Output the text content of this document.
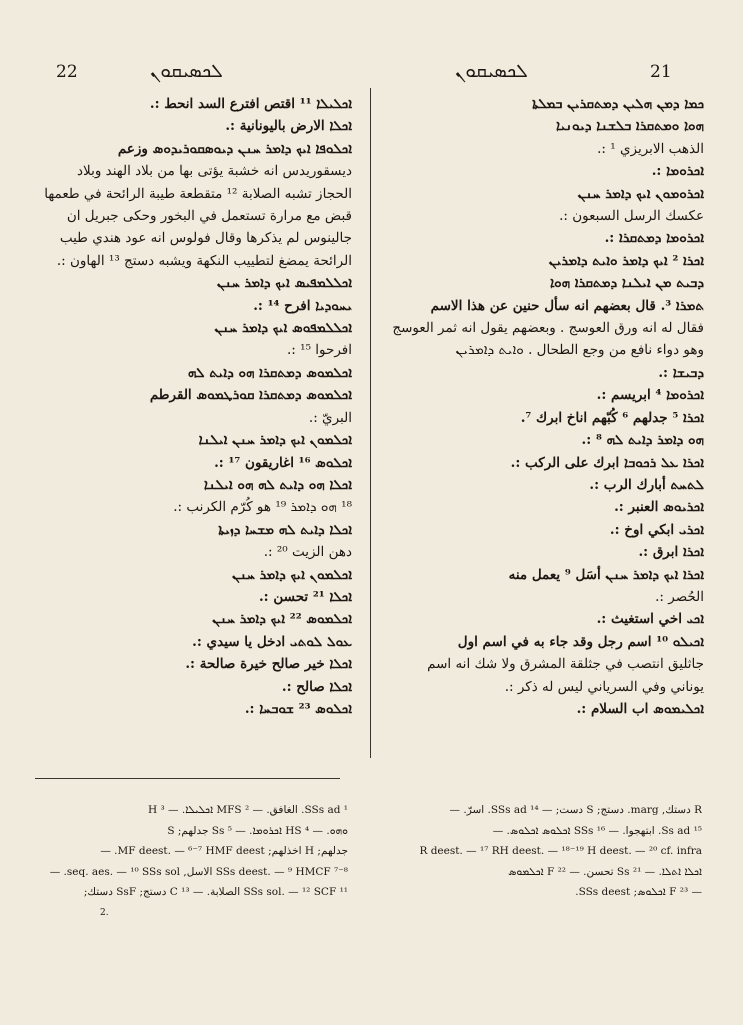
22	ܠܟܣܝܩܘܢ	ܠܟܣܝܩܘܢ	21

ܐܟܠܝܠܐ ¹¹ اقتص افترع السد انحط :.

ܐܟܠܐ الارض باليونانية :.

ܐܟܠܘܦܐ ܐܝܟ ܕܐܡܪ ܚܢܢ ܕܝܘܣܩܘܪܝܕܘܣ وزعم

ديسقوريدس انه خشبة يؤتى بها من بلاد الهند وبلاد

الحجاز تشبه الصلابة ¹² متقطعة طيبة الرائحة في طعمها

قبض مع مرارة تستعمل في البخور وحكى جبريل ان

جالينوس لم يذكرها وقال فولوس انه عود هندي طيب

الرائحة يمضغ لتطييب النكهة ويشبه دستج ¹³ الهاون :.

ܐܟܠܠܡܦܝܣ ܐܝܟ ܕܐܡܪ ܚܢܢ

ܝܚܘܕܝܐ افرح ¹⁴ :.

ܐܟܠܠܡܦܘܣ ܐܝܟ ܕܐܡܪ ܚܢܢ

افرحوا ¹⁵ :.

ܐܟܠܡܘܣ ܕܡܬܩܪܐ ܗܘ ܕܐܝܬ ܠܗ

ܐܟܠܡܘܣ ܕܡܬܩܪܐ ܩܘܪܛܡܘܣ القرطم

البريّ :.

ܐܟܠܡܘܢ ܐܝܟ ܕܐܡܪ ܚܢܢ ܐܝܠܢܐ

ܐܟܠܘܣ ¹⁶ اغاريقون ¹⁷ :.

ܐܟܠܐ ܗܘ ܕܐܝܬ ܠܗ ܗܘ ܐܝܠܢܐ

¹⁸ ܗܘ ܕܐܡܪ ¹⁹ هو كُرّم الكرنب :.

ܐܟܠܐ ܕܐܝܬ ܠܗ ܡܫܚܐ ܕܙܝܬܐ

دهن الزيت ²⁰ :.

ܐܟܠܡܘܢ ܐܝܟ ܕܐܡܪ ܚܢܢ

ܐܟܠܐ ²¹ تحسن :.

ܐܟܠܡܘܣ ²² ܐܝܟ ܕܐܡܪ ܚܢܢ

ܥܘܠ ܠܘܬܝ ادخل يا سيدي :.

ܐܟܠܐ خير صالح خيرة صالحة :.

ܐܟܠܐ صالح :.

ܐܟܠܘܣ ²³ ܫܘܒܚܐ :.

ܟܡܐ ܕܡܢ ܗܠܝܢ ܕܡܬܩܪܝܢ ܒܡܠܬܐ

ܗܘܐ ܘܡܬܩܪܐ ܒܠܫܢܐ ܕܝܘܢܝܐ

الذهب الابريزي ¹ :.

ܐܟܪܘܡܐ :.

ܐܟܪܘܡܘܢ ܐܝܟ ܕܐܡܪ ܚܢܢ

عکسك الرسل السبعون :.

ܐܟܪܘܡܐ ܕܡܬܩܪܐ :.

ܐܟܪܐ ² ܐܝܟ ܕܐܡܪ ܘܐܝܬ ܕܐܡܪܝܢ

ܕܒܝܬ ܡܢ ܐܝܠܢܐ ܕܡܬܩܪܐ ܗܘܐ

ܬܡܪܐ ³. قال بعضهم انه سأل حنين عن هذا الاسم

فقال له انه ورق العوسج . وبعضهم يقول انه ثمر العوسج

وهو دواء نافع من وجع الطحال . ܘܐܝܬ ܕܐܡܪܝܢ

ܕܒܝܫܐ :.

ܐܟܪܘܡܐ ⁴ ابريسم :.

ܐܟܪܐ ⁵ جدلهم ⁶ كُبّهم اناخ ابرك ⁷.

ܗܘ ܕܐܡܪ ܕܐܝܬ ܠܗ ⁸ :.

ܐܟܪܐ ܥܠ ܪܟܘܒܐ ابرك على الركب :.

ܠܬܚܬ أبارك الرب :.

ܐܟܪܝܘܣ العنبر :.

ܐܟܪܝ ابكي اوخ :.

ܐܟܪܐ ابرق :.

ܐܟܪܐ ܐܝܟ ܕܐܡܪ ܚܢܢ أسَل ⁹ يعمل منه

الحُصر :.

ܐܟܝ اخي استغيث :.

ܐܟܝܠܘ ¹⁰ اسم رجل وقد جاء به في اسم اول

جاثليق انتصب في جثلقة المشرق ولا شك انه اسم

يوناني وفي السرياني ليس له ذكر :.

ܐܟܠܝܡܘܣ اب السلام :.

¹ SSs ad. الغافق. — ² MFS ܐܟܠܝܠܐ. — ³ H

ܘܗܘ. — ⁴ HS ܐܟܪܘܡܐ. — ⁵ Ss جدلهم; S

جدلهم; H اخذلهم; MF deest. — ⁶⁻⁷ HMF deest. —

⁷⁻⁸ SSs deest. — ⁹ HMCF الاسل, seq. aes. — ¹⁰ SSs sol. —

¹¹ SSs sol. — ¹² SCF الصلابة. — ¹³ C دستج; SsF دستك;

R دستك, marg. دستج; S دست; — ¹⁴ SSs ad. اسرّ. —

¹⁵ Ss ad. ابتهجوا. — ¹⁶ SSs ܐܟܠܘܣ ܐܟܠܘܣ. —

R deest. — ¹⁷ RH deest. — ¹⁸⁻¹⁹ H deest. — ²⁰ cf. infra

ܐܟܠܐ ܐܬܠܐ. — ²¹ Ss تحسن. — ²² F ܐܟܠܡܘܣ

— ²³ F ܐܟܠܘܣ; SSs deest.

2.
